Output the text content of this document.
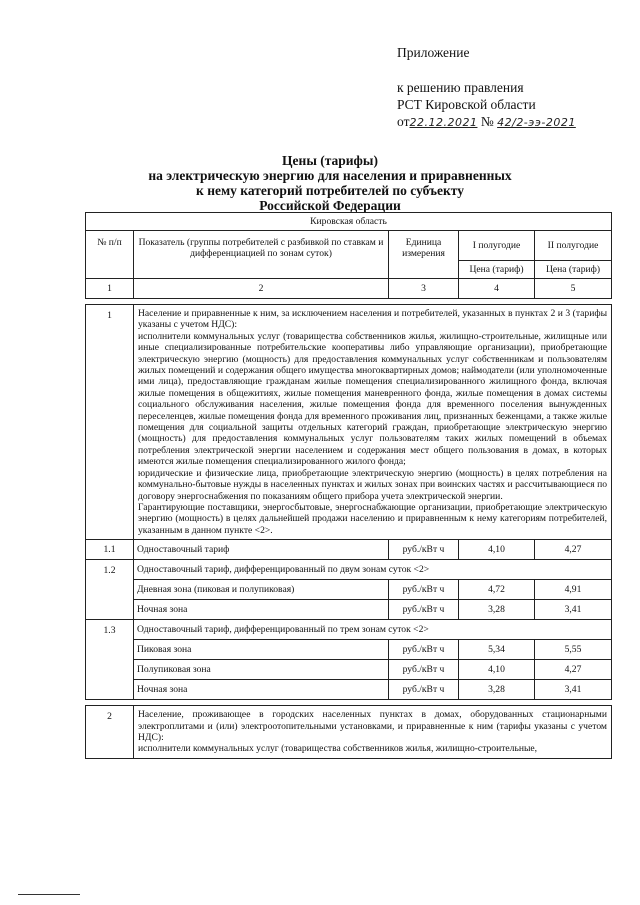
Приложение
к решению правления
РСТ Кировской области
от22.12.2021 № 42/2-ээ-2021
Цены (тарифы)
на электрическую энергию для населения и приравненных
к нему категорий потребителей по субъекту
Российской Федерации
Кировская область				
№ п/п	Показатель (группы потребителей с разбивкой по ставкам и дифференциацией по зонам суток)	Единица измерения	I полугодие	II полугодие
			Цена (тариф)	Цена (тариф)
1	2	3	4	5

1	Население и приравненные к ним, за исключением населения и потребителей, указанных в пунктах 2 и 3 (тарифы указаны с учетом НДС):

исполнители коммунальных услуг (товарищества собственников жилья, жилищно-строительные, жилищные или иные специализированные потребительские кооперативы либо управляющие организации), приобретающие электрическую энергию (мощность) для предоставления коммунальных услуг собственникам и пользователям жилых помещений и содержания общего имущества многоквартирных домов; наймодатели (или уполномоченные ими лица), предоставляющие гражданам жилые помещения специализированного жилищного фонда, включая жилые помещения в общежитиях, жилые помещения маневренного фонда, жилые помещения в домах системы социального обслуживания населения, жилые помещения фонда для временного поселения вынужденных переселенцев, жилые помещения фонда для временного проживания лиц, признанных беженцами, а также жилые помещения для социальной защиты отдельных категорий граждан, приобретающие электрическую энергию (мощность) для предоставления коммунальных услуг пользователям таких жилых помещений в объемах потребления электрической энергии населением и содержания мест общего пользования в домах, в которых имеются жилые помещения специализированного жилого фонда;

юридические и физические лица, приобретающие электрическую энергию (мощность) в целях потребления на коммунально-бытовые нужды в населенных пунктах и жилых зонах при воинских частях и рассчитывающиеся по договору энергоснабжения по показаниям общего прибора учета электрической энергии.

Гарантирующие поставщики, энергосбытовые, энергоснабжающие организации, приобретающие электрическую энергию (мощность) в целях дальнейшей продажи населению и приравненным к нему категориям потребителей, указанным в данном пункте <2>.			

1.1	Одноставочный тариф	руб./кВт ч	4,10	4,27
1.2	Одноставочный тариф, дифференцированный по двум зонам суток <2>			
	Дневная зона (пиковая и полупиковая)	руб./кВт ч	4,72	4,91
	Ночная зона	руб./кВт ч	3,28	3,41
1.3	Одноставочный тариф, дифференцированный по трем зонам суток <2>			
	Пиковая зона	руб./кВт ч	5,34	5,55
	Полупиковая зона	руб./кВт ч	4,10	4,27
	Ночная зона	руб./кВт ч	3,28	3,41

2	Население, проживающее в городских населенных пунктах в домах, оборудованных стационарными электроплитами и (или) электроотопительными установками, и приравненные к ним (тарифы указаны с учетом НДС):
исполнители коммунальных услуг (товарищества собственников жилья, жилищно-строительные,			
